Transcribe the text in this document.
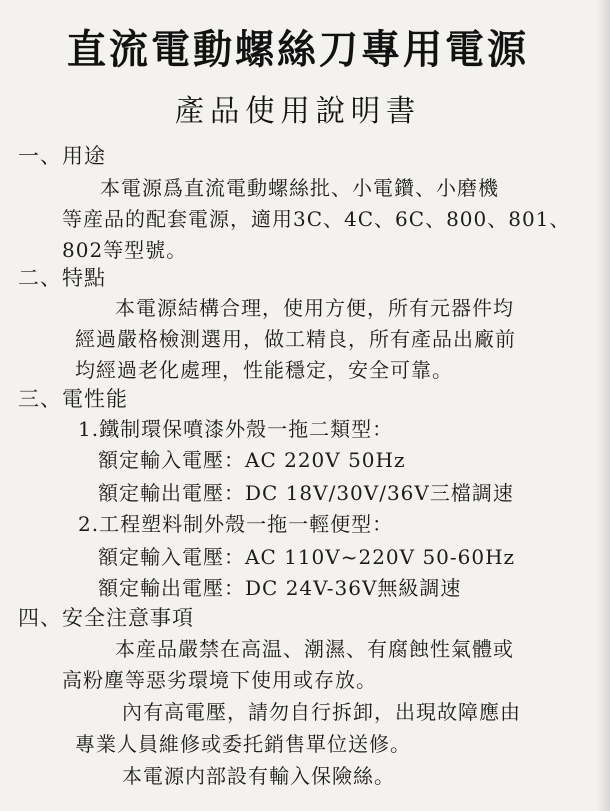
直流電動螺絲刀專用電源
產品使用說明書
一、用途
本電源爲直流電動螺絲批、小電鑽、小磨機
等産品的配套電源，適用3C、4C、6C、800、801、
802等型號。
二、特點
本電源結構合理，使用方便，所有元器件均
經過嚴格檢測選用，做工精良，所有產品出廠前
均經過老化處理，性能穩定，安全可靠。
三、電性能
1.鐵制環保噴漆外殼一拖二類型：
額定輸入電壓：AC 220V 50Hz
額定輸出電壓：DC 18V/30V/36V三檔調速
2.工程塑料制外殼一拖一輕便型：
額定輸入電壓：AC 110V~220V 50-60Hz
額定輸出電壓：DC 24V-36V無級調速
四、安全注意事項
本産品嚴禁在高温、潮濕、有腐蝕性氣體或
高粉塵等惡劣環境下使用或存放。
內有高電壓，請勿自行拆卸，出現故障應由
專業人員維修或委托銷售單位送修。
本電源内部設有輸入保險絲。
